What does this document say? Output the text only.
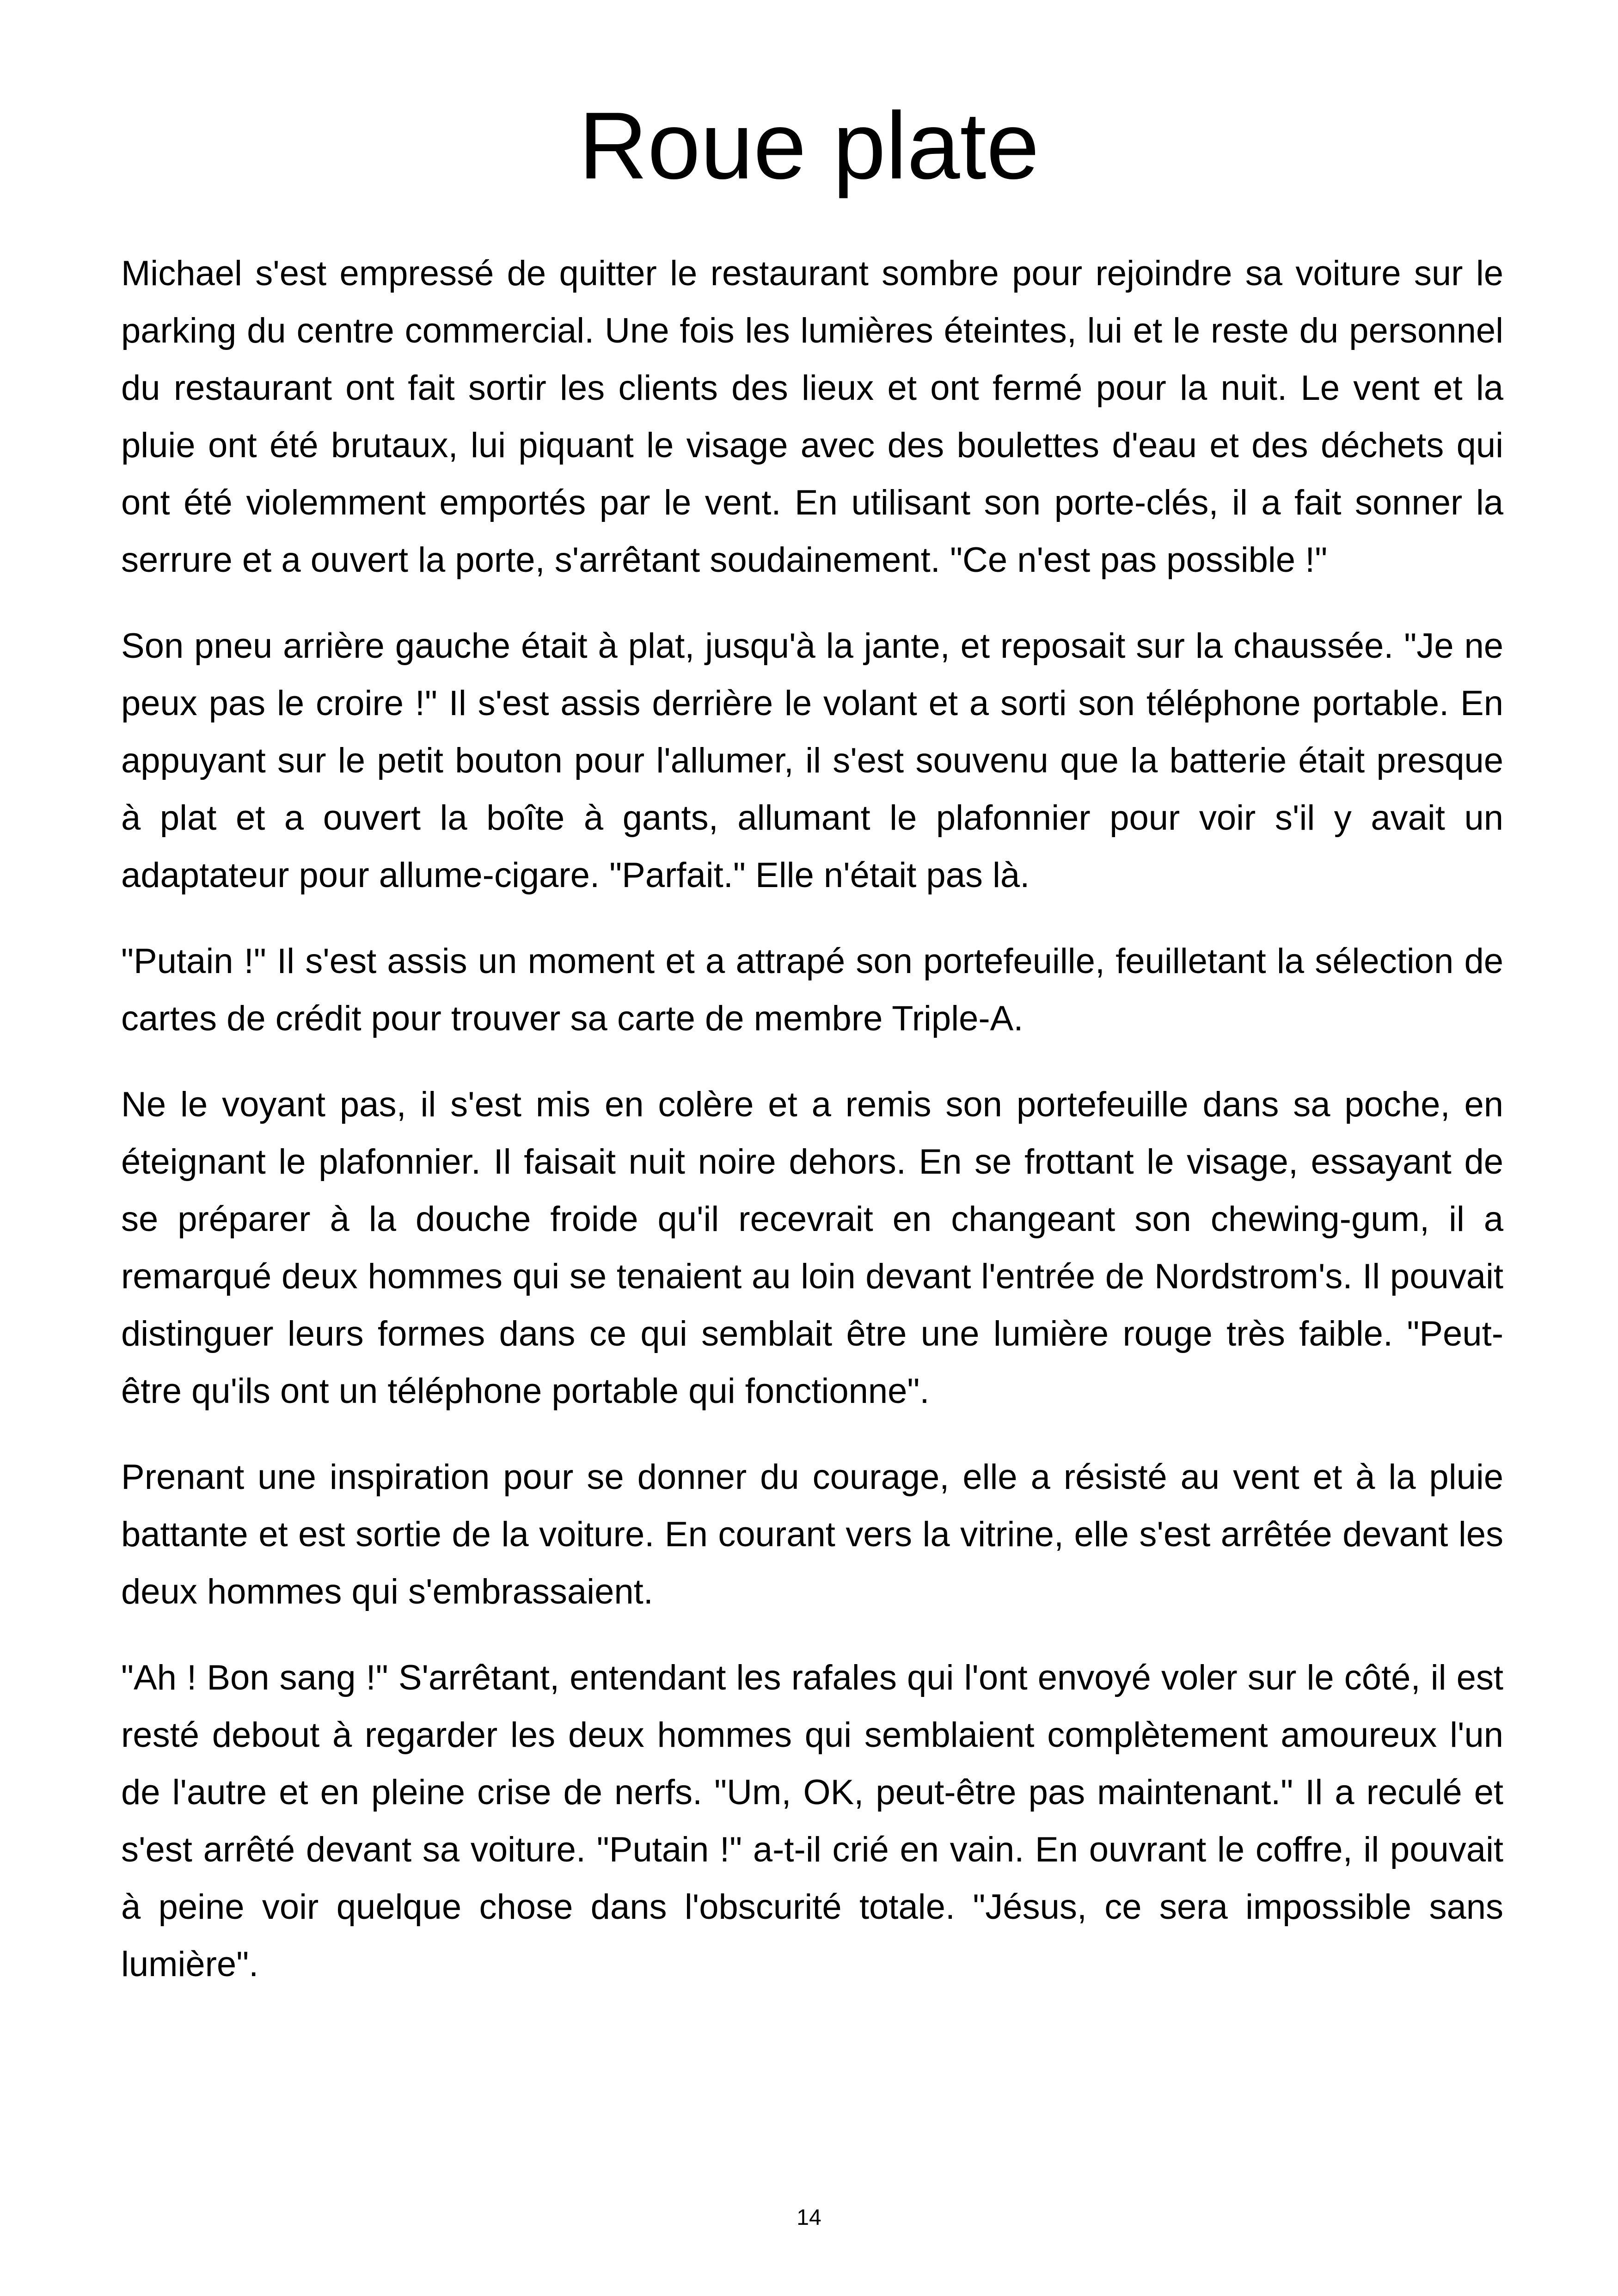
Roue plate

Michael s'est empressé de quitter le restaurant sombre pour rejoindre sa voiture sur le parking du centre commercial. Une fois les lumières éteintes, lui et le reste du personnel du restaurant ont fait sortir les clients des lieux et ont fermé pour la nuit. Le vent et la pluie ont été brutaux, lui piquant le visage avec des boulettes d'eau et des déchets qui ont été violemment emportés par le vent. En utilisant son porte-clés, il a fait sonner la serrure et a ouvert la porte, s'arrêtant soudainement. "Ce n'est pas possible !"

Son pneu arrière gauche était à plat, jusqu'à la jante, et reposait sur la chaussée. "Je ne peux pas le croire !" Il s'est assis derrière le volant et a sorti son téléphone portable. En appuyant sur le petit bouton pour l'allumer, il s'est souvenu que la batterie était presque à plat et a ouvert la boîte à gants, allumant le plafonnier pour voir s'il y avait un adaptateur pour allume-cigare. "Parfait." Elle n'était pas là.

"Putain !" Il s'est assis un moment et a attrapé son portefeuille, feuilletant la sélection de cartes de crédit pour trouver sa carte de membre Triple-A.

Ne le voyant pas, il s'est mis en colère et a remis son portefeuille dans sa poche, en éteignant le plafonnier. Il faisait nuit noire dehors. En se frottant le visage, essayant de se préparer à la douche froide qu'il recevrait en changeant son chewing-gum, il a remarqué deux hommes qui se tenaient au loin devant l'entrée de Nordstrom's. Il pouvait distinguer leurs formes dans ce qui semblait être une lumière rouge très faible. "Peut-être qu'ils ont un téléphone portable qui fonctionne".

Prenant une inspiration pour se donner du courage, elle a résisté au vent et à la pluie battante et est sortie de la voiture. En courant vers la vitrine, elle s'est arrêtée devant les deux hommes qui s'embrassaient.

"Ah ! Bon sang !" S'arrêtant, entendant les rafales qui l'ont envoyé voler sur le côté, il est resté debout à regarder les deux hommes qui semblaient complètement amoureux l'un de l'autre et en pleine crise de nerfs. "Um, OK, peut-être pas maintenant." Il a reculé et s'est arrêté devant sa voiture. "Putain !" a-t-il crié en vain. En ouvrant le coffre, il pouvait à peine voir quelque chose dans l'obscurité totale. "Jésus, ce sera impossible sans lumière".

14
